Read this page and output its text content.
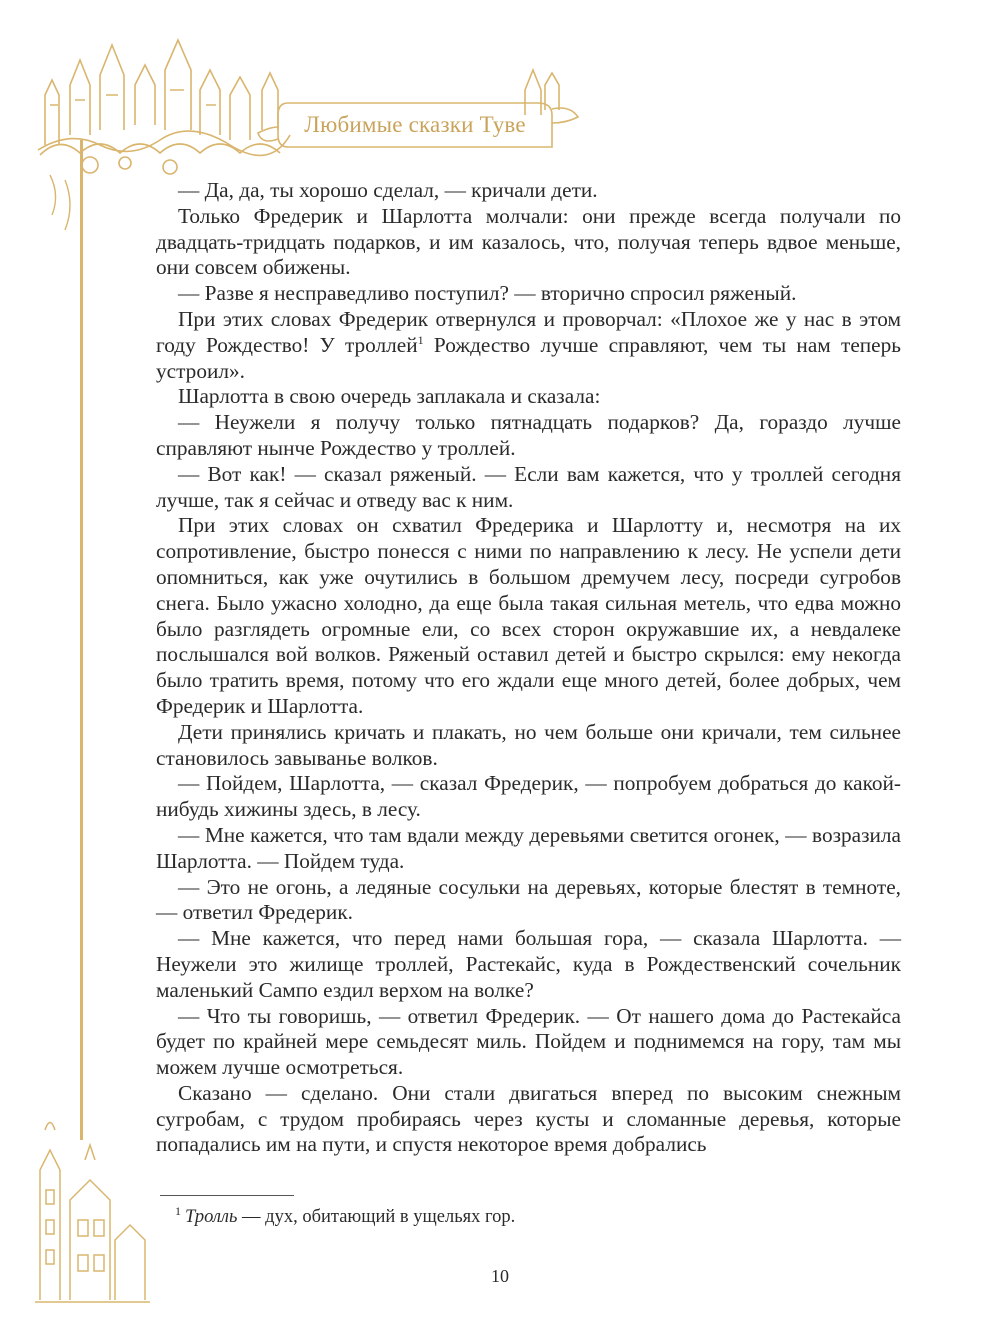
Любимые сказки Туве

— Да, да, ты хорошо сделал, — кричали дети.

Только Фредерик и Шарлотта молчали: они прежде всегда получали по двадцать-тридцать подарков, и им казалось, что, получая теперь вдвое меньше, они совсем обижены.

— Разве я несправедливо поступил? — вторично спросил ряженый.

При этих словах Фредерик отвернулся и проворчал: «Плохое же у нас в этом году Рождество! У троллей$^1$ Рождество лучше справляют, чем ты нам теперь устроил».

Шарлотта в свою очередь заплакала и сказала:

— Неужели я получу только пятнадцать подарков? Да, гораздо лучше справляют нынче Рождество у троллей.

— Вот как! — сказал ряженый. — Если вам кажется, что у троллей сегодня лучше, так я сейчас и отведу вас к ним.

При этих словах он схватил Фредерика и Шарлотту и, несмотря на их сопротивление, быстро понесся с ними по направлению к лесу. Не успели дети опомниться, как уже очутились в большом дремучем лесу, посреди сугробов снега. Было ужасно холодно, да еще была такая сильная метель, что едва можно было разглядеть огромные ели, со всех сторон окружавшие их, а невдалеке послышался вой волков. Ряженый оставил детей и быстро скрылся: ему некогда было тратить время, потому что его ждали еще много детей, более добрых, чем Фредерик и Шарлотта.

Дети принялись кричать и плакать, но чем больше они кричали, тем сильнее становилось завыванье волков.

— Пойдем, Шарлотта, — сказал Фредерик, — попробуем добраться до какой-нибудь хижины здесь, в лесу.

— Мне кажется, что там вдали между деревьями светится огонек, — возразила Шарлотта. — Пойдем туда.

— Это не огонь, а ледяные сосульки на деревьях, которые блестят в темноте, — ответил Фредерик.

— Мне кажется, что перед нами большая гора, — сказала Шарлотта. — Неужели это жилище троллей, Растекайс, куда в Рождественский сочельник маленький Сампо ездил верхом на волке?

— Что ты говоришь, — ответил Фредерик. — От нашего дома до Растекайса будет по крайней мере семьдесят миль. Пойдем и поднимемся на гору, там мы можем лучше осмотреться.

Сказано — сделано. Они стали двигаться вперед по высоким снежным сугробам, с трудом пробираясь через кусты и сломанные деревья, которые попадались им на пути, и спустя некоторое время добрались

$^1$ Тролль — дух, обитающий в ущельях гор.
10
